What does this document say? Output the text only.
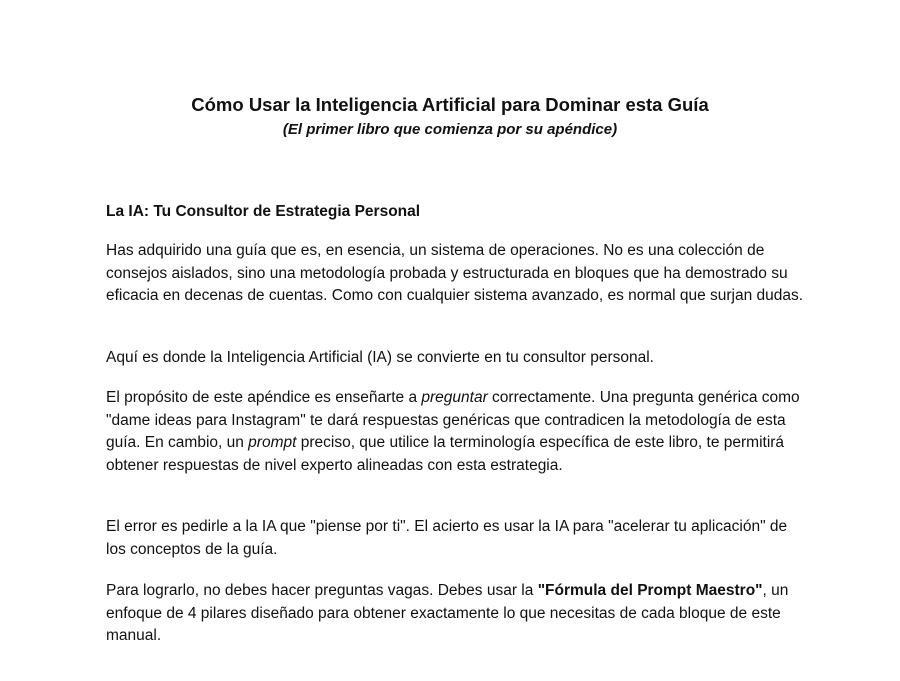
Cómo Usar la Inteligencia Artificial para Dominar esta Guía
(El primer libro que comienza por su apéndice)
La IA: Tu Consultor de Estrategia Personal
Has adquirido una guía que es, en esencia, un sistema de operaciones. No es una colección de consejos aislados, sino una metodología probada y estructurada en bloques que ha demostrado su eficacia en decenas de cuentas. Como con cualquier sistema avanzado, es normal que surjan dudas.
Aquí es donde la Inteligencia Artificial (IA) se convierte en tu consultor personal.
El propósito de este apéndice es enseñarte a preguntar correctamente. Una pregunta genérica como "dame ideas para Instagram" te dará respuestas genéricas que contradicen la metodología de esta guía. En cambio, un prompt preciso, que utilice la terminología específica de este libro, te permitirá obtener respuestas de nivel experto alineadas con esta estrategia.
El error es pedirle a la IA que "piense por ti". El acierto es usar la IA para "acelerar tu aplicación" de los conceptos de la guía.
Para lograrlo, no debes hacer preguntas vagas. Debes usar la "Fórmula del Prompt Maestro", un enfoque de 4 pilares diseñado para obtener exactamente lo que necesitas de cada bloque de este manual.
